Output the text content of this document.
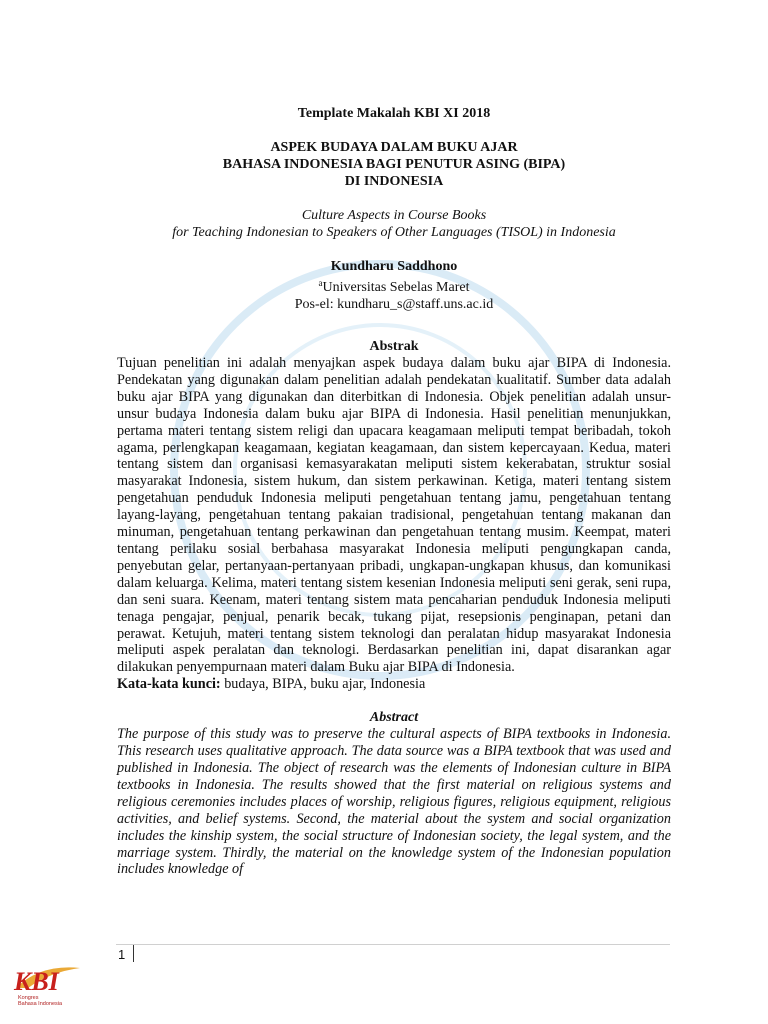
Template Makalah KBI XI 2018
ASPEK BUDAYA DALAM BUKU AJAR
BAHASA INDONESIA BAGI PENUTUR ASING (BIPA)
DI INDONESIA
Culture Aspects in Course Books
for Teaching Indonesian to Speakers of Other Languages (TISOL) in Indonesia
Kundharu Saddhono
$^a$Universitas Sebelas Maret
Pos-el: kundharu_s@staff.uns.ac.id
Abstrak
Tujuan penelitian ini adalah menyajkan aspek budaya dalam buku ajar BIPA di Indonesia. Pendekatan yang digunakan dalam penelitian adalah pendekatan kualitatif. Sumber data adalah buku ajar BIPA yang digunakan dan diterbitkan di Indonesia. Objek penelitian adalah unsur-unsur budaya Indonesia dalam buku ajar BIPA di Indonesia. Hasil penelitian menunjukkan, pertama materi tentang sistem religi dan upacara keagamaan meliputi tempat beribadah, tokoh agama, perlengkapan keagamaan, kegiatan keagamaan, dan sistem kepercayaan. Kedua, materi tentang sistem dan organisasi kemasyarakatan meliputi sistem kekerabatan, struktur sosial masyarakat Indonesia, sistem hukum, dan sistem perkawinan. Ketiga, materi tentang sistem pengetahuan penduduk Indonesia meliputi pengetahuan tentang jamu, pengetahuan tentang layang-layang, pengetahuan tentang pakaian tradisional, pengetahuan tentang makanan dan minuman, pengetahuan tentang perkawinan dan pengetahuan tentang musim. Keempat, materi tentang perilaku sosial berbahasa masyarakat Indonesia meliputi pengungkapan canda, penyebutan gelar, pertanyaan-pertanyaan pribadi, ungkapan-ungkapan khusus, dan komunikasi dalam keluarga. Kelima, materi tentang sistem kesenian Indonesia meliputi seni gerak, seni rupa, dan seni suara. Keenam, materi tentang sistem mata pencaharian penduduk Indonesia meliputi tenaga pengajar, penjual, penarik becak, tukang pijat, resepsionis penginapan, petani dan perawat. Ketujuh, materi tentang sistem teknologi dan peralatan hidup masyarakat Indonesia meliputi aspek peralatan dan teknologi. Berdasarkan penelitian ini, dapat disarankan agar dilakukan penyempurnaan materi dalam Buku ajar BIPA di Indonesia.
Kata-kata kunci: budaya, BIPA, buku ajar, Indonesia
Abstract
The purpose of this study was to preserve the cultural aspects of BIPA textbooks in Indonesia. This research uses qualitative approach. The data source was a BIPA textbook that was used and published in Indonesia. The object of research was the elements of Indonesian culture in BIPA textbooks in Indonesia. The results showed that the first material on religious systems and religious ceremonies includes places of worship, religious figures, religious equipment, religious activities, and belief systems. Second, the material about the system and social organization includes the kinship system, the social structure of Indonesian society, the legal system, and the marriage system. Thirdly, the material on the knowledge system of the Indonesian population includes knowledge of
1
KBI
Kongres
Bahasa Indonesia
